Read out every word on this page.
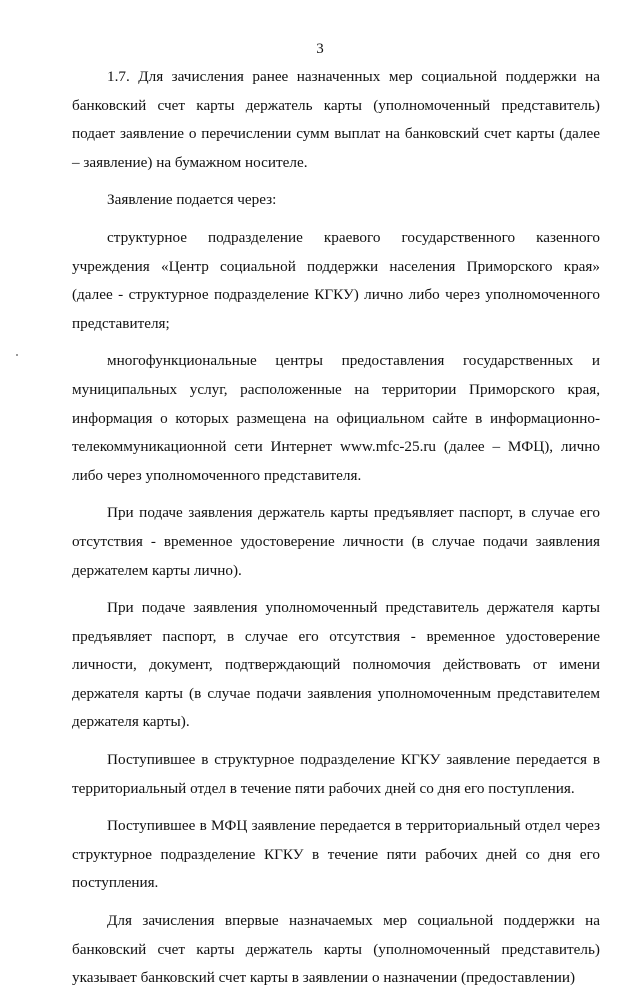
3

1.7. Для зачисления ранее назначенных мер социальной поддержки на банковский счет карты держатель карты (уполномоченный представитель) подает заявление о перечислении сумм выплат на банковский счет карты (далее – заявление) на бумажном носителе.

Заявление подается через:

структурное подразделение краевого государственного казенного учреждения «Центр социальной поддержки населения Приморского края» (далее - структурное подразделение КГКУ) лично либо через уполномоченного представителя;

многофункциональные центры предоставления государственных и муниципальных услуг, расположенные на территории Приморского края, информация о которых размещена на официальном сайте в информационно-телекоммуникационной сети Интернет www.mfc-25.ru (далее – МФЦ), лично либо через уполномоченного представителя.

При подаче заявления держатель карты предъявляет паспорт, в случае его отсутствия - временное удостоверение личности (в случае подачи заявления держателем карты лично).

При подаче заявления уполномоченный представитель держателя карты предъявляет паспорт, в случае его отсутствия - временное удостоверение личности, документ, подтверждающий полномочия действовать от имени держателя карты (в случае подачи заявления уполномоченным представителем держателя карты).

Поступившее в структурное подразделение КГКУ заявление передается в территориальный отдел в течение пяти рабочих дней со дня его поступления.

Поступившее в МФЦ заявление передается в территориальный отдел через структурное подразделение КГКУ в течение пяти рабочих дней со дня его поступления.

Для зачисления впервые назначаемых мер социальной поддержки на банковский счет карты держатель карты (уполномоченный представитель) указывает банковский счет карты в заявлении о назначении (предоставлении)
